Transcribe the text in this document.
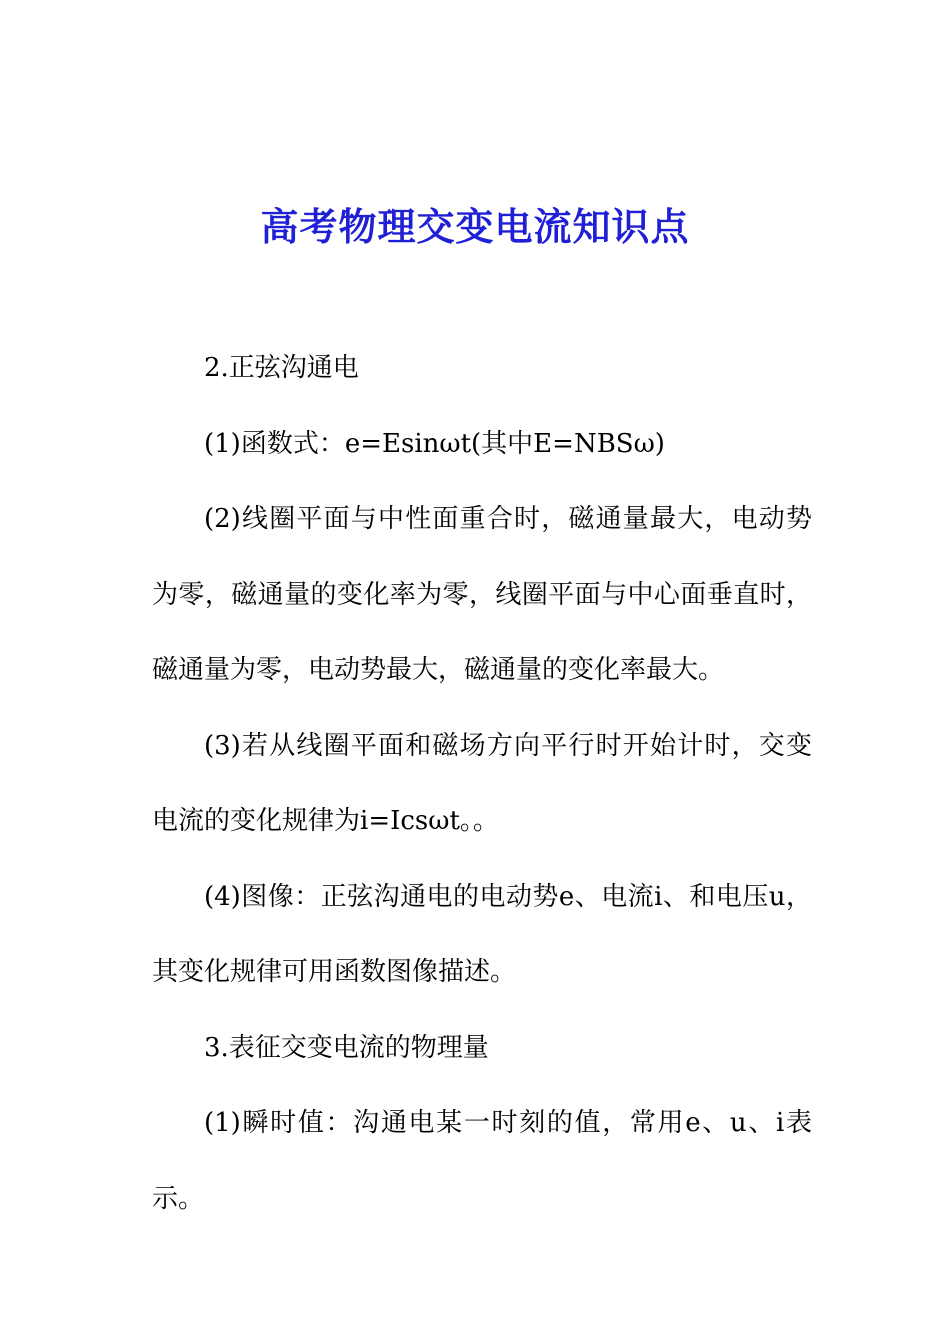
高考物理交变电流知识点

2.正弦沟通电

(1)函数式：e=Esinωt(其中E=NBSω)

(2)线圈平面与中性面重合时，磁通量最大，电动势为零，磁通量的变化率为零，线圈平面与中心面垂直时，磁通量为零，电动势最大，磁通量的变化率最大。

(3)若从线圈平面和磁场方向平行时开始计时，交变电流的变化规律为i=Icsωt。。

(4)图像：正弦沟通电的电动势e、电流i、和电压u，其变化规律可用函数图像描述。

3.表征交变电流的物理量

(1)瞬时值：沟通电某一时刻的值，常用e、u、i表示。
